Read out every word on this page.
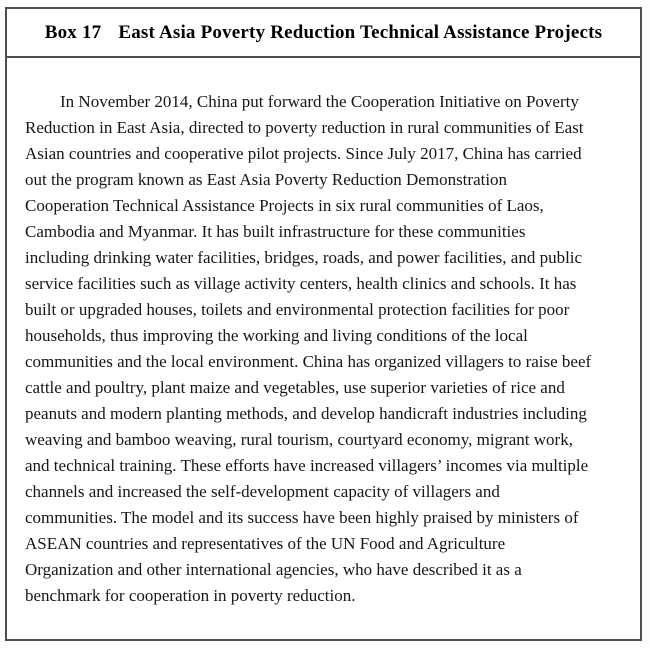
Box 17 East Asia Poverty Reduction Technical Assistance Projects
In November 2014, China put forward the Cooperation Initiative on Poverty
Reduction in East Asia, directed to poverty reduction in rural communities of East
Asian countries and cooperative pilot projects. Since July 2017, China has carried
out the program known as East Asia Poverty Reduction Demonstration
Cooperation Technical Assistance Projects in six rural communities of Laos,
Cambodia and Myanmar. It has built infrastructure for these communities
including drinking water facilities, bridges, roads, and power facilities, and public
service facilities such as village activity centers, health clinics and schools. It has
built or upgraded houses, toilets and environmental protection facilities for poor
households, thus improving the working and living conditions of the local
communities and the local environment. China has organized villagers to raise beef
cattle and poultry, plant maize and vegetables, use superior varieties of rice and
peanuts and modern planting methods, and develop handicraft industries including
weaving and bamboo weaving, rural tourism, courtyard economy, migrant work,
and technical training. These efforts have increased villagers’ incomes via multiple
channels and increased the self-development capacity of villagers and
communities. The model and its success have been highly praised by ministers of
ASEAN countries and representatives of the UN Food and Agriculture
Organization and other international agencies, who have described it as a
benchmark for cooperation in poverty reduction.
